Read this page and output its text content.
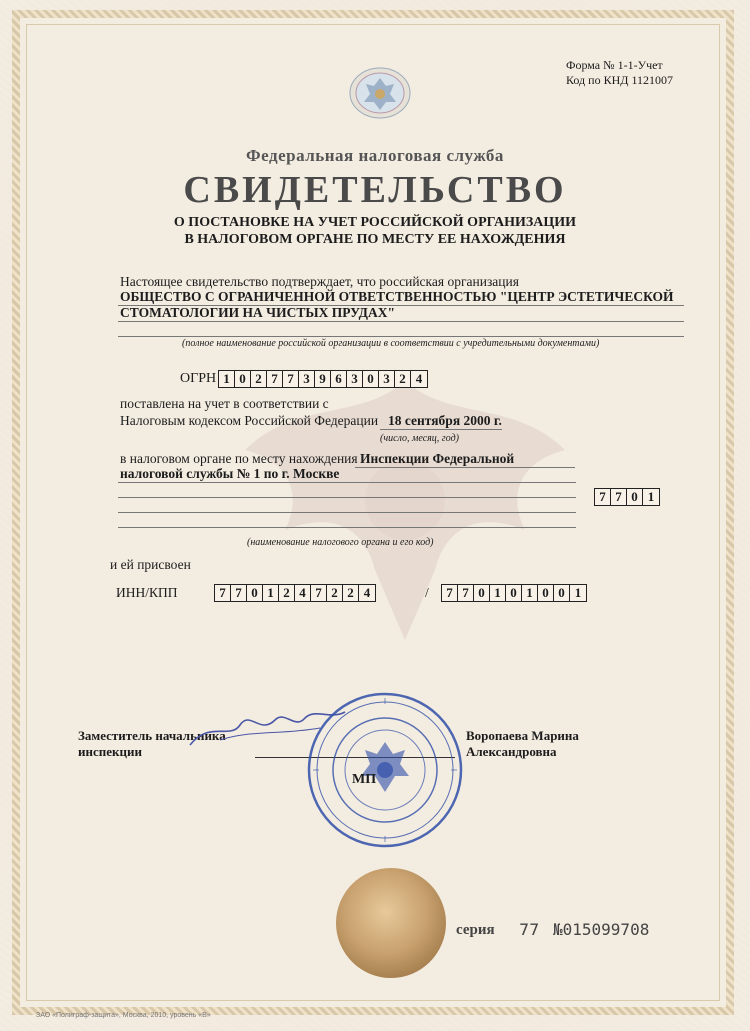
Форма № 1-1-Учет
Код по КНД 1121007
Федеральная налоговая служба
СВИДЕТЕЛЬСТВО
О ПОСТАНОВКЕ НА УЧЕТ РОССИЙСКОЙ ОРГАНИЗАЦИИ
В НАЛОГОВОМ ОРГАНЕ ПО МЕСТУ ЕЕ НАХОЖДЕНИЯ
Настоящее свидетельство подтверждает, что российская организация
ОБЩЕСТВО С ОГРАНИЧЕННОЙ ОТВЕТСТВЕННОСТЬЮ "ЦЕНТР ЭСТЕТИЧЕСКОЙ
СТОМАТОЛОГИИ НА ЧИСТЫХ ПРУДАХ"
(полное наименование российской организации в соответствии с учредительными документами)
ОГРН 1 0 2 7 7 3 9 6 3 0 3 2 4
поставлена на учет в соответствии с
Налоговым кодексом Российской Федерации 18 сентября 2000 г.
(число, месяц, год)
в налоговом органе по месту нахождения Инспекции Федеральной
налоговой службы № 1 по г. Москве
7 7 0 1
(наименование налогового органа и его код)
и ей присвоен
ИНН/КПП	7 7 0 1 2 4 7 2 2 4	/	7 7 0 1 0 1 0 0 1
Заместитель начальника
инспекции
Воропаева Марина
Александровна
МП
серия 77 №015099708
ЗАО «Полиграф-защита», Москва, 2010, уровень «В»
